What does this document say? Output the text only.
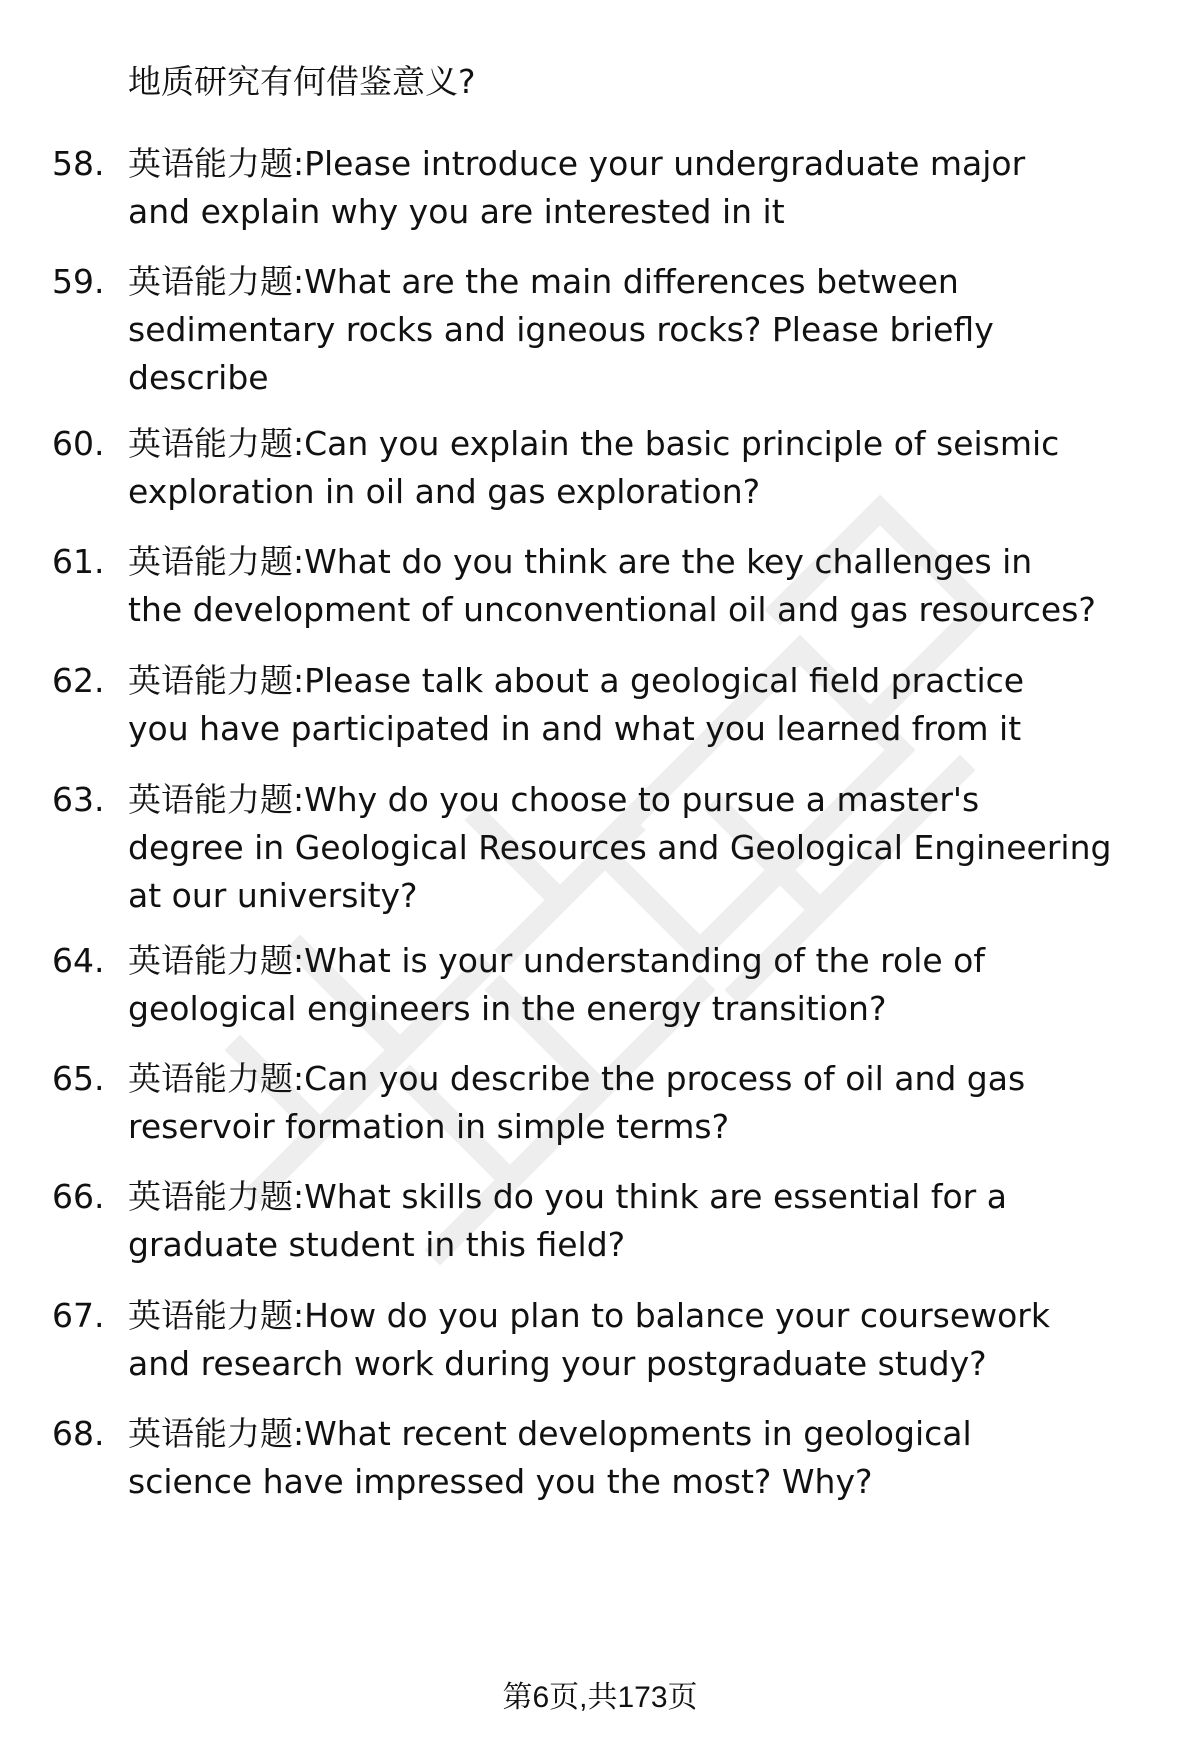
地质研究有何借鉴意义?
58. 英语能力题:Please introduce your undergraduate major
and explain why you are interested in it
59. 英语能力题:What are the main differences between
sedimentary rocks and igneous rocks? Please briefly
describe
60. 英语能力题:Can you explain the basic principle of seismic
exploration in oil and gas exploration?
61. 英语能力题:What do you think are the key challenges in
the development of unconventional oil and gas resources?
62. 英语能力题:Please talk about a geological field practice
you have participated in and what you learned from it
63. 英语能力题:Why do you choose to pursue a master's
degree in Geological Resources and Geological Engineering
at our university?
64. 英语能力题:What is your understanding of the role of
geological engineers in the energy transition?
65. 英语能力题:Can you describe the process of oil and gas
reservoir formation in simple terms?
66. 英语能力题:What skills do you think are essential for a
graduate student in this field?
67. 英语能力题:How do you plan to balance your coursework
and research work during your postgraduate study?
68. 英语能力题:What recent developments in geological
science have impressed you the most? Why?
第6页,共173页
